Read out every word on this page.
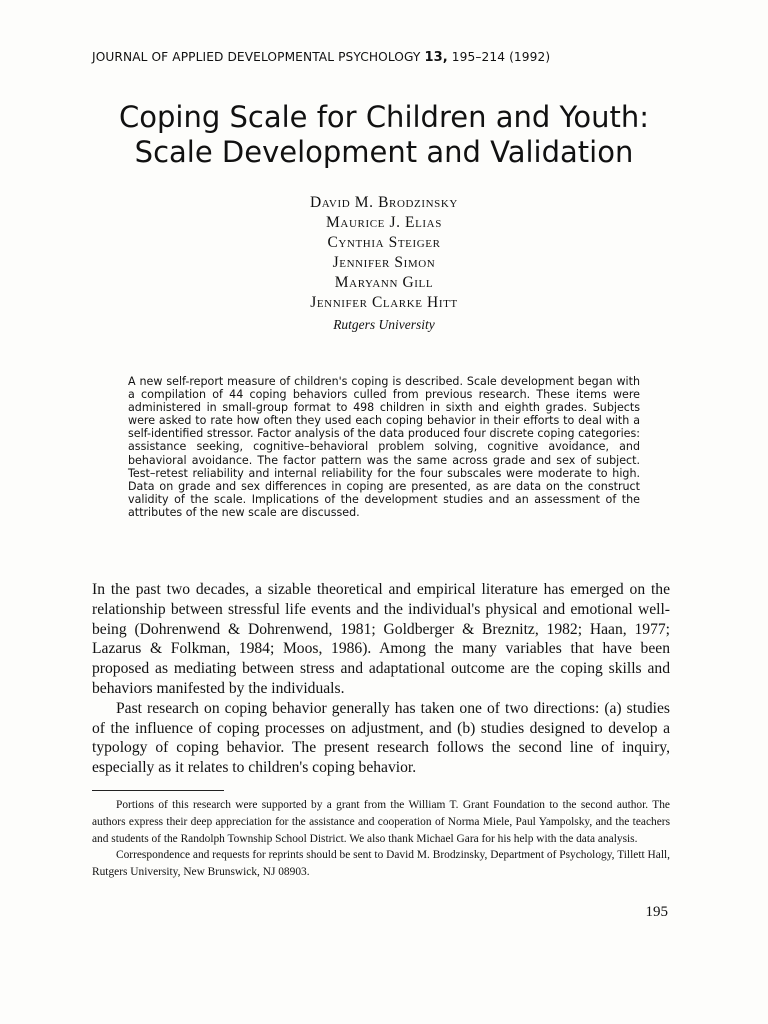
JOURNAL OF APPLIED DEVELOPMENTAL PSYCHOLOGY 13, 195–214 (1992)
Coping Scale for Children and Youth:
Scale Development and Validation
David M. Brodzinsky
Maurice J. Elias
Cynthia Steiger
Jennifer Simon
Maryann Gill
Jennifer Clarke Hitt
Rutgers University

A new self-report measure of children's coping is described. Scale development began with a compilation of 44 coping behaviors culled from previous research. These items were administered in small-group format to 498 children in sixth and eighth grades. Subjects were asked to rate how often they used each coping behavior in their efforts to deal with a self-identified stressor. Factor analysis of the data produced four discrete coping categories: assistance seeking, cognitive–behavioral problem solving, cognitive avoidance, and behavioral avoidance. The factor pattern was the same across grade and sex of subject. Test–retest reliability and internal reliability for the four subscales were moderate to high. Data on grade and sex differences in coping are presented, as are data on the construct validity of the scale. Implications of the development studies and an assessment of the attributes of the new scale are discussed.

In the past two decades, a sizable theoretical and empirical literature has emerged on the relationship between stressful life events and the individual's physical and emotional well-being (Dohrenwend & Dohrenwend, 1981; Goldberger & Breznitz, 1982; Haan, 1977; Lazarus & Folkman, 1984; Moos, 1986). Among the many variables that have been proposed as mediating between stress and adaptational outcome are the coping skills and behaviors manifested by the individuals.

Past research on coping behavior generally has taken one of two directions: (a) studies of the influence of coping processes on adjustment, and (b) studies designed to develop a typology of coping behavior. The present research follows the second line of inquiry, especially as it relates to children's coping behavior.

Portions of this research were supported by a grant from the William T. Grant Foundation to the second author. The authors express their deep appreciation for the assistance and cooperation of Norma Miele, Paul Yampolsky, and the teachers and students of the Randolph Township School District. We also thank Michael Gara for his help with the data analysis.

Correspondence and requests for reprints should be sent to David M. Brodzinsky, Department of Psychology, Tillett Hall, Rutgers University, New Brunswick, NJ 08903.

195
